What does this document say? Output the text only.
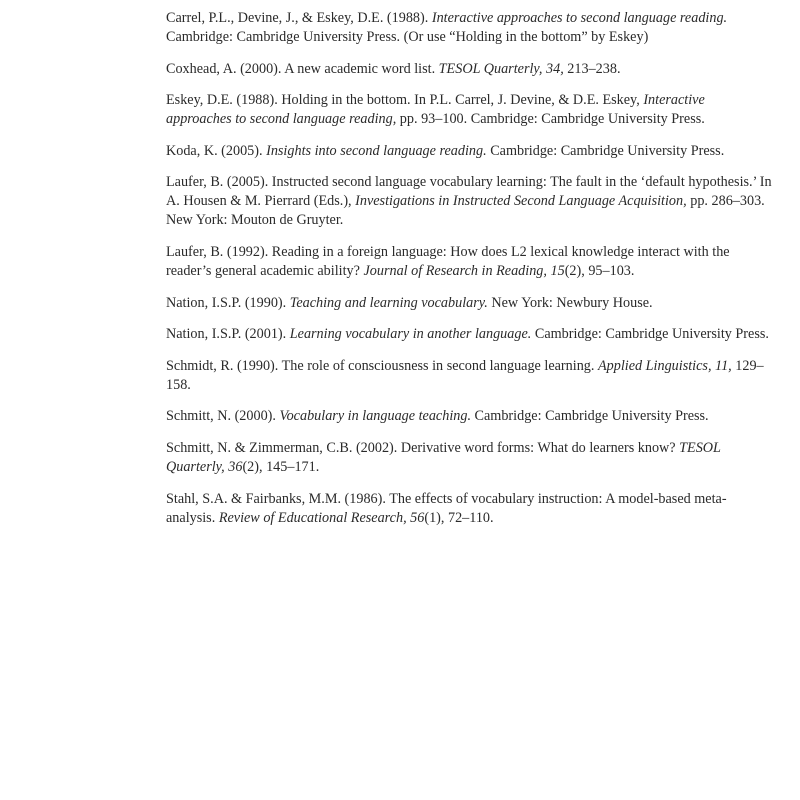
Carrel, P.L., Devine, J., & Eskey, D.E. (1988). Interactive approaches to second language reading. Cambridge: Cambridge University Press. (Or use “Holding in the bottom” by Eskey)

Coxhead, A. (2000). A new academic word list. TESOL Quarterly, 34, 213–238.

Eskey, D.E. (1988). Holding in the bottom. In P.L. Carrel, J. Devine, & D.E. Eskey, Interactive approaches to second language reading, pp. 93–100. Cambridge: Cambridge University Press.

Koda, K. (2005). Insights into second language reading. Cambridge: Cambridge University Press.

Laufer, B. (2005). Instructed second language vocabulary learning: The fault in the ‘default hypothesis.’ In A. Housen & M. Pierrard (Eds.), Investigations in Instructed Second Language Acquisition, pp. 286–303. New York: Mouton de Gruyter.

Laufer, B. (1992). Reading in a foreign language: How does L2 lexical knowledge interact with the reader’s general academic ability? Journal of Research in Reading, 15(2), 95–103.

Nation, I.S.P. (1990). Teaching and learning vocabulary. New York: Newbury House.

Nation, I.S.P. (2001). Learning vocabulary in another language. Cambridge: Cambridge University Press.

Schmidt, R. (1990). The role of consciousness in second language learning. Applied Linguistics, 11, 129–158.

Schmitt, N. (2000). Vocabulary in language teaching. Cambridge: Cambridge University Press.

Schmitt, N. & Zimmerman, C.B. (2002). Derivative word forms: What do learners know? TESOL Quarterly, 36(2), 145–171.

Stahl, S.A. & Fairbanks, M.M. (1986). The effects of vocabulary instruction: A model-based meta-analysis. Review of Educational Research, 56(1), 72–110.
